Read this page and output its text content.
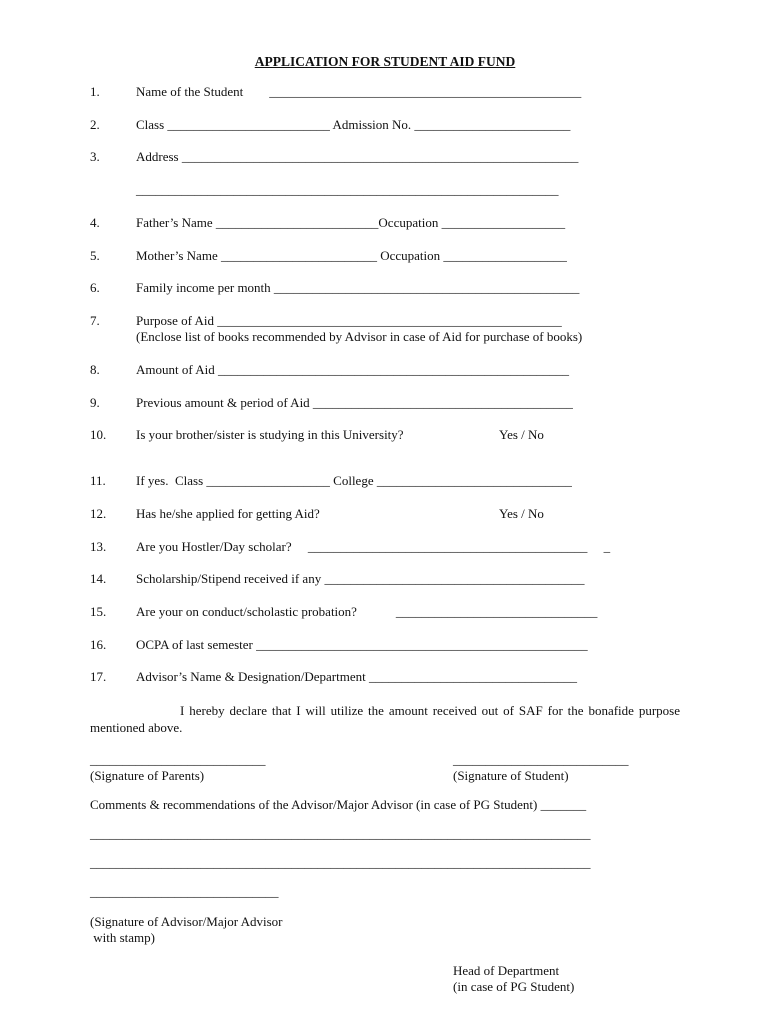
APPLICATION FOR STUDENT AID FUND
1.	Name of the Student        ________________________________________________
2.	Class _________________________ Admission No. ________________________
3.	Address _____________________________________________________________
_________________________________________________________________
4.	Father’s Name _________________________Occupation ___________________
5.	Mother’s Name ________________________ Occupation ___________________
6.	Family income per month _______________________________________________
7.	Purpose of Aid _____________________________________________________
(Enclose list of books recommended by Advisor in case of Aid for purchase of books)
8.	Amount of Aid ______________________________________________________
9.	Previous amount & period of Aid ________________________________________
10. Is your brother/sister is studying in this University?	Yes / No
11. If yes.  Class ___________________ College ______________________________
12. Has he/she applied for getting Aid?	Yes / No
13. Are you Hostler/Day scholar?     ___________________________________________     _
14. Scholarship/Stipend received if any ________________________________________
15. Are your on conduct/scholastic probation?            _______________________________
16. OCPA of last semester ___________________________________________________
17. Advisor’s Name & Designation/Department ________________________________
I hereby declare that I will utilize the amount received out of SAF for the bonafide purpose mentioned above.
___________________________	___________________________
(Signature of Parents)	(Signature of Student)
Comments & recommendations of the Advisor/Major Advisor (in case of PG Student) _______
_____________________________________________________________________________
_____________________________________________________________________________
_____________________________
(Signature of Advisor/Major Advisor
with stamp)
Head of Department
(in case of PG Student)
